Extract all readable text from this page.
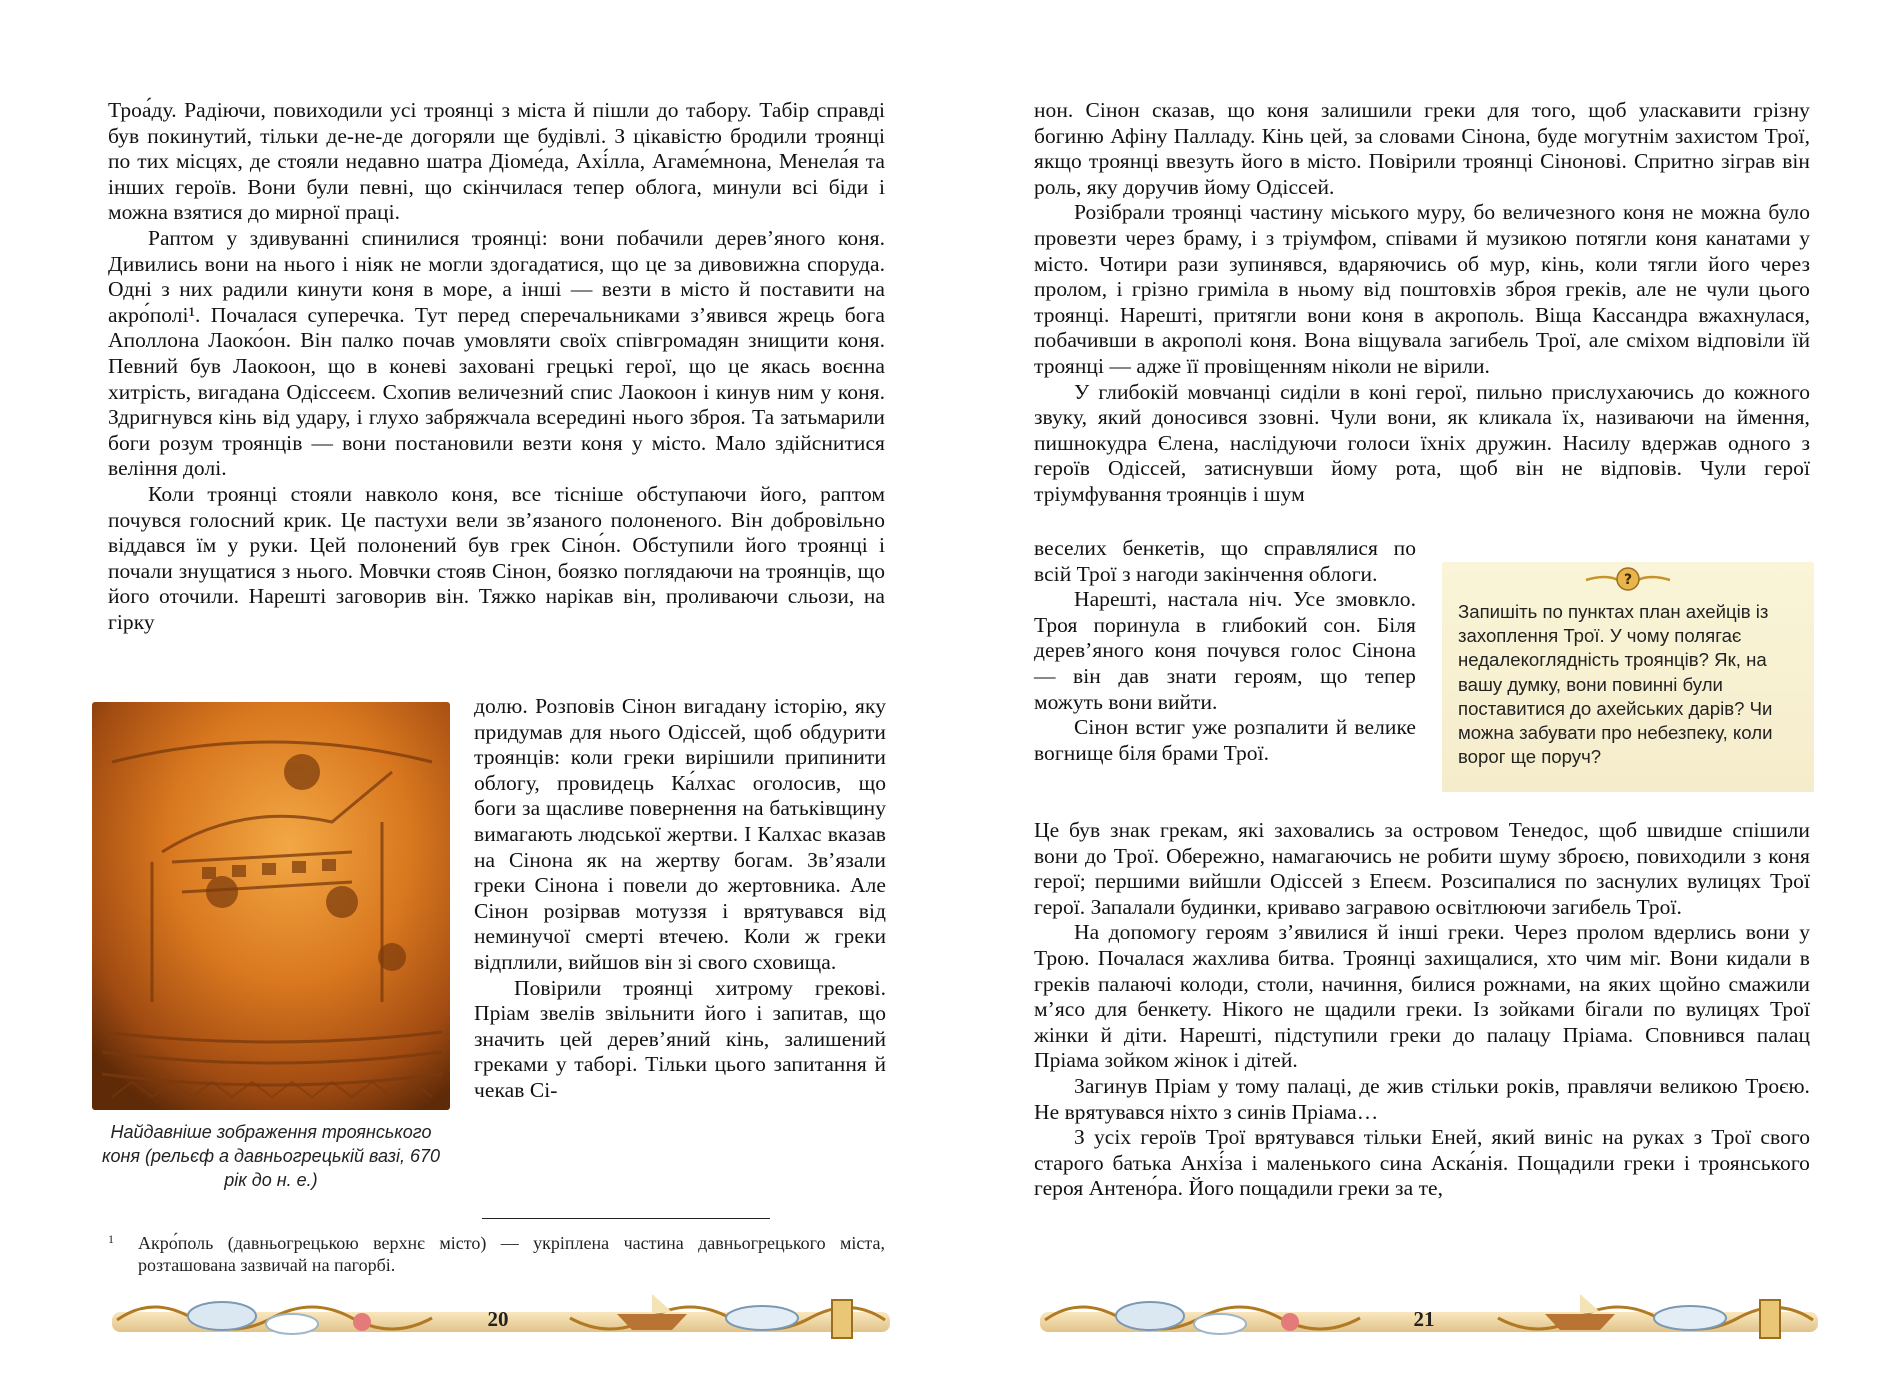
Троа́ду. Радіючи, повиходили усі троянці з міста й пішли до табору. Табір справді був покинутий, тільки де-не-де догоряли ще будівлі. З цікавістю бродили троянці по тих місцях, де стояли недавно шатра Діоме́да, Ахі́лла, Агаме́мнона, Менела́я та інших героїв. Вони були певні, що скінчилася тепер облога, минули всі біди і можна взятися до мирної праці.

Раптом у здивуванні спинилися троянці: вони побачили дерев’яного коня. Дивились вони на нього і ніяк не могли здогадатися, що це за дивовижна споруда. Одні з них радили кинути коня в море, а інші — везти в місто й поставити на акро́полі¹. Почалася суперечка. Тут перед сперечальниками з’явився жрець бога Аполлона Лаоко́он. Він палко почав умовляти своїх співгромадян знищити коня. Певний був Лаокоон, що в коневі заховані грецькі герої, що це якась воєнна хитрість, вигадана Одіссеєм. Схопив величезний спис Лаокоон і кинув ним у коня. Здригнувся кінь від удару, і глухо забряжчала всередині нього зброя. Та затьмарили боги розум троянців — вони постановили везти коня у місто. Мало здійснитися веління долі.

Коли троянці стояли навколо коня, все тісніше обступаючи його, раптом почувся голосний крик. Це пастухи вели зв’язаного полоненого. Він добровільно віддався їм у руки. Цей полонений був грек Сіно́н. Обступили його троянці і почали знущатися з нього. Мовчки стояв Сінон, боязко поглядаючи на троянців, що його оточили. Нарешті заговорив він. Тяжко нарікав він, проливаючи сльози, на гірку

Найдавніше зображення троянського коня (рельєф а давньогрецькій вазі, 670 рік до н. е.)

долю. Розповів Сінон вигадану історію, яку придумав для нього Одіссей, щоб обдурити троянців: коли греки вирішили припинити облогу, провидець Ка́лхас оголосив, що боги за щасливе повернення на батьківщину вимагають людської жертви. І Калхас вказав на Сінона як на жертву богам. Зв’язали греки Сінона і повели до жертовника. Але Сінон розірвав мотуззя і врятувався від неминучої смерті втечею. Коли ж греки відплили, вийшов він зі свого сховища.

Повірили троянці хитрому грекові. Пріам звелів звільнити його і запитав, що значить цей дерев’яний кінь, залишений греками у таборі. Тільки цього запитання й чекав Сі-

1	Акро́поль (давньогрецькою верхнє місто) — укріплена частина давньогрецького міста, розташована зазвичай на пагорбі.
20

нон. Сінон сказав, що коня залишили греки для того, щоб уласкавити грізну богиню Афіну Палладу. Кінь цей, за словами Сінона, буде могутнім захистом Трої, якщо троянці ввезуть його в місто. Повірили троянці Сінонові. Спритно зіграв він роль, яку доручив йому Одіссей.

Розібрали троянці частину міського муру, бо величезного коня не можна було провезти через браму, і з тріумфом, співами й музикою потягли коня канатами у місто. Чотири рази зупинявся, вдаряючись об мур, кінь, коли тягли його через пролом, і грізно гриміла в ньому від поштовхів зброя греків, але не чули цього троянці. Нарешті, притягли вони коня в акрополь. Віща Кассандра вжахнулася, побачивши в акрополі коня. Вона віщувала загибель Трої, але сміхом відповіли їй троянці — адже її провіщенням ніколи не вірили.

У глибокій мовчанці сиділи в коні герої, пильно прислухаючись до кожного звуку, який доносився ззовні. Чули вони, як кликала їх, називаючи на ймення, пишнокудра Єлена, наслідуючи голоси їхніх дружин. Насилу вдержав одного з героїв Одіссей, затиснувши йому рота, щоб він не відповів. Чули герої тріумфування троянців і шум

веселих бенкетів, що справлялися по всій Трої з нагоди закінчення облоги.

Нарешті, настала ніч. Усе змовкло. Троя поринула в глибокий сон. Біля дерев’яного коня почувся голос Сінона — він дав знати героям, що тепер можуть вони вийти.

Сінон встиг уже розпалити й велике вогнище біля брами Трої.

?
Запишіть по пунктах план ахейців із захоплення Трої. У чому полягає недалекоглядність троянців? Як, на вашу думку, вони повинні були поставитися до ахейських дарів? Чи можна забувати про небезпеку, коли ворог ще поруч?

Це був знак грекам, які заховались за островом Тенедос, щоб швидше спішили вони до Трої. Обережно, намагаючись не робити шуму зброєю, повиходили з коня герої; першими вийшли Одіссей з Епеєм. Розсипалися по заснулих вулицях Трої герої. Запалали будинки, криваво загравою освітлюючи загибель Трої.

На допомогу героям з’явилися й інші греки. Через пролом вдерлись вони у Трою. Почалася жахлива битва. Троянці захищалися, хто чим міг. Вони кидали в греків палаючі колоди, столи, начиння, билися рожнами, на яких щойно смажили м’ясо для бенкету. Нікого не щадили греки. Із зойками бігали по вулицях Трої жінки й діти. Нарешті, підступили греки до палацу Пріама. Сповнився палац Пріама зойком жінок і дітей.

Загинув Пріам у тому палаці, де жив стільки років, правлячи великою Троєю. Не врятувався ніхто з синів Пріама…

З усіх героїв Трої врятувався тільки Еней, який виніс на руках з Трої свого старого батька Анхі́за і маленького сина Аска́нія. Пощадили греки і троянського героя Антено́ра. Його пощадили греки за те,

21
